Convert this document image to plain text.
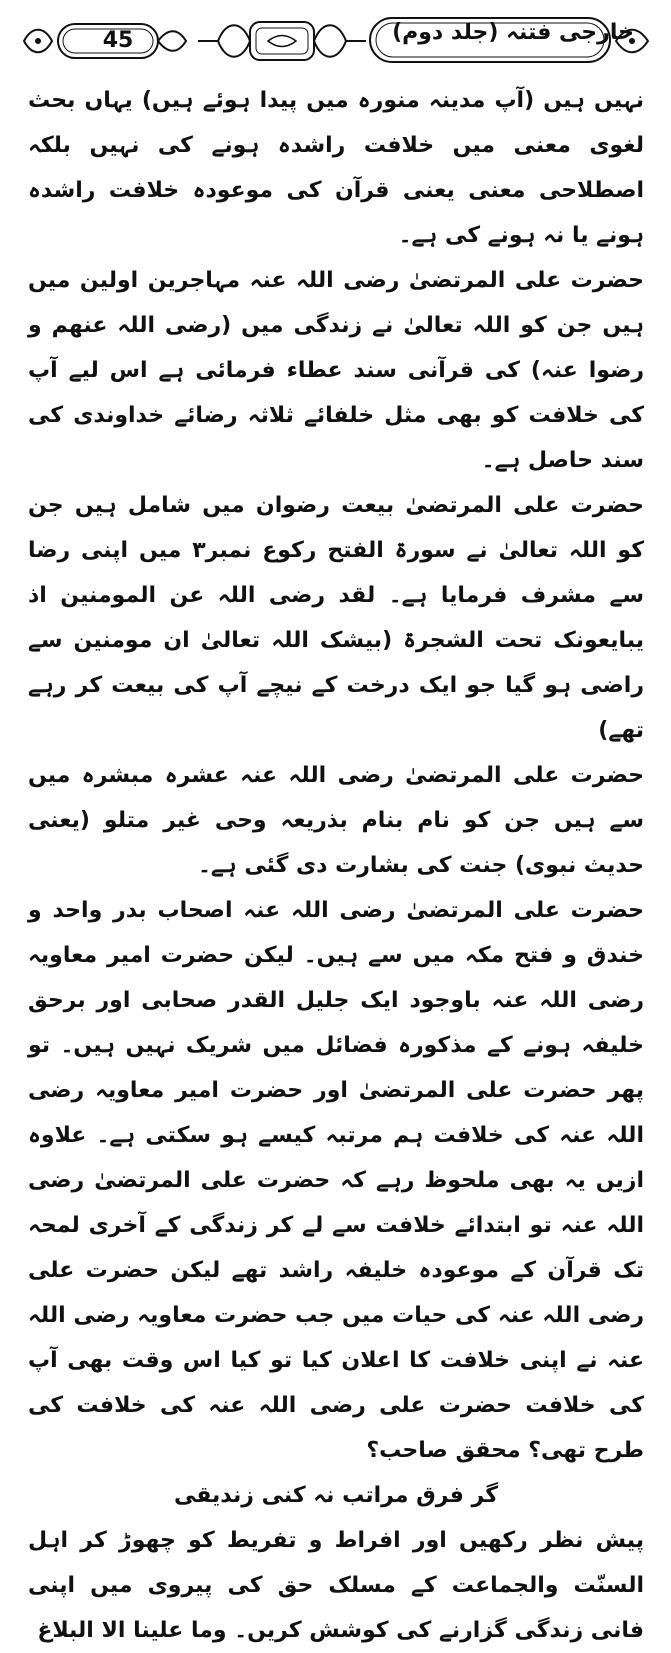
45	خارجی فتنہ (جلد دوم)

نہیں ہیں (آپ مدینہ منورہ میں پیدا ہوئے ہیں) یہاں بحث لغوی معنی میں خلافت راشدہ ہونے کی نہیں بلکہ اصطلاحی معنی یعنی قرآن کی موعودہ خلافت راشدہ ہونے یا نہ ہونے کی ہے۔

حضرت علی المرتضیٰ رضی اللہ عنہ مہاجرین اولین میں ہیں جن کو اللہ تعالیٰ نے زندگی میں (رضی اللہ عنھم و رضوا عنہ) کی قرآنی سند عطاء فرمائی ہے اس لیے آپ کی خلافت کو بھی مثل خلفائے ثلاثہ رضائے خداوندی کی سند حاصل ہے۔

حضرت علی المرتضیٰ بیعت رضوان میں شامل ہیں جن کو اللہ تعالیٰ نے سورۃ الفتح رکوع نمبر۳ میں اپنی رضا سے مشرف فرمایا ہے۔ لقد رضی اللہ عن المومنین اذ یبایعونک تحت الشجرۃ (بیشک اللہ تعالیٰ ان مومنین سے راضی ہو گیا جو ایک درخت کے نیچے آپ کی بیعت کر رہے تھے)

حضرت علی المرتضیٰ رضی اللہ عنہ عشرہ مبشرہ میں سے ہیں جن کو نام بنام بذریعہ وحی غیر متلو (یعنی حدیث نبوی) جنت کی بشارت دی گئی ہے۔

حضرت علی المرتضیٰ رضی اللہ عنہ اصحاب بدر واحد و خندق و فتح مکہ میں سے ہیں۔ لیکن حضرت امیر معاویہ رضی اللہ عنہ باوجود ایک جلیل القدر صحابی اور برحق خلیفہ ہونے کے مذکورہ فضائل میں شریک نہیں ہیں۔ تو پھر حضرت علی المرتضیٰ اور حضرت امیر معاویہ رضی اللہ عنہ کی خلافت ہم مرتبہ کیسے ہو سکتی ہے۔ علاوہ ازیں یہ بھی ملحوظ رہے کہ حضرت علی المرتضیٰ رضی اللہ عنہ تو ابتدائے خلافت سے لے کر زندگی کے آخری لمحہ تک قرآن کے موعودہ خلیفہ راشد تھے لیکن حضرت علی رضی اللہ عنہ کی حیات میں جب حضرت معاویہ رضی اللہ عنہ نے اپنی خلافت کا اعلان کیا تو کیا اس وقت بھی آپ کی خلافت حضرت علی رضی اللہ عنہ کی خلافت کی طرح تھی؟ محقق صاحب؟

گر فرق مراتب نہ کنی زندیقی

پیش نظر رکھیں اور افراط و تفریط کو چھوڑ کر اہل السنّت والجماعت کے مسلک حق کی پیروی میں اپنی فانی زندگی گزارنے کی کوشش کریں۔ وما علینا الا البلاغ
